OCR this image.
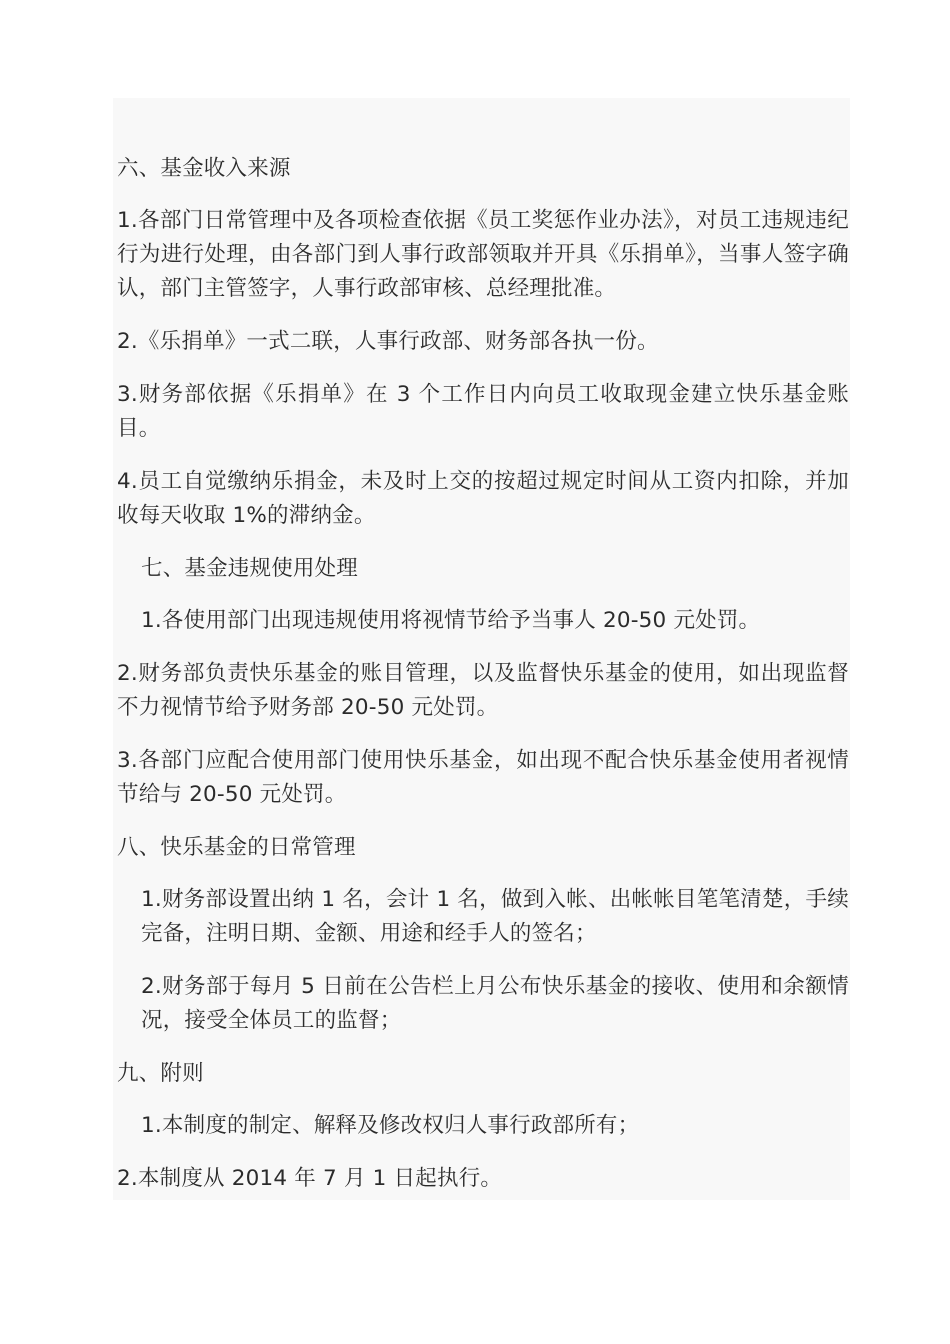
六、基金收入来源

1.各部门日常管理中及各项检查依据《员工奖惩作业办法》，对员工违规违纪行为进行处理，由各部门到人事行政部领取并开具《乐捐单》，当事人签字确认，部门主管签字，人事行政部审核、总经理批准。

2.《乐捐单》一式二联，人事行政部、财务部各执一份。

3.财务部依据《乐捐单》在 3 个工作日内向员工收取现金建立快乐基金账目。

4.员工自觉缴纳乐捐金，未及时上交的按超过规定时间从工资内扣除，并加收每天收取 1%的滞纳金。

七、基金违规使用处理

1.各使用部门出现违规使用将视情节给予当事人 20-50 元处罚。

2.财务部负责快乐基金的账目管理，以及监督快乐基金的使用，如出现监督不力视情节给予财务部 20-50 元处罚。

3.各部门应配合使用部门使用快乐基金，如出现不配合快乐基金使用者视情节给与 20-50 元处罚。

八、快乐基金的日常管理

1.财务部设置出纳 1 名，会计 1 名，做到入帐、出帐帐目笔笔清楚，手续完备，注明日期、金额、用途和经手人的签名；

2.财务部于每月 5 日前在公告栏上月公布快乐基金的接收、使用和余额情况，接受全体员工的监督；

九、附则

1.本制度的制定、解释及修改权归人事行政部所有；

2.本制度从 2014 年 7 月 1 日起执行。
